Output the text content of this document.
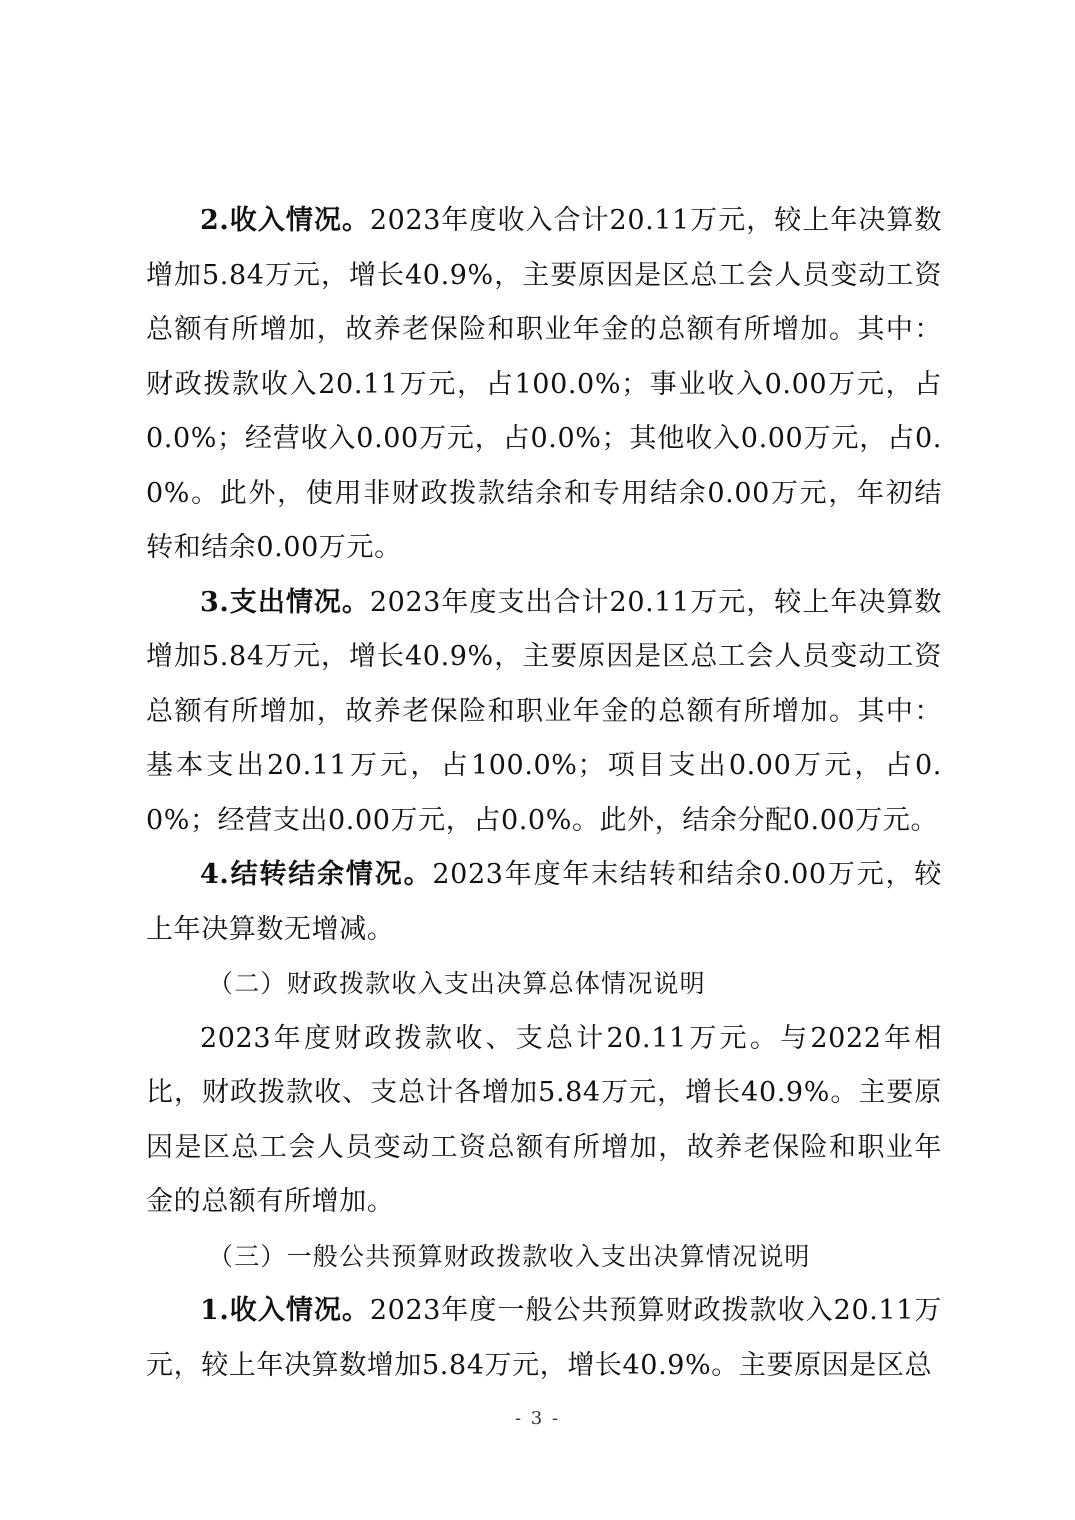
2.收入情况。2023年度收入合计20.11万元，较上年决算数增加5.84万元，增长40.9%，主要原因是区总工会人员变动工资总额有所增加，故养老保险和职业年金的总额有所增加。其中：财政拨款收入20.11万元，占100.0%；事业收入0.00万元，占0.0%；经营收入0.00万元，占0.0%；其他收入0.00万元，占0.0%。此外，使用非财政拨款结余和专用结余0.00万元，年初结转和结余0.00万元。

3.支出情况。2023年度支出合计20.11万元，较上年决算数增加5.84万元，增长40.9%，主要原因是区总工会人员变动工资总额有所增加，故养老保险和职业年金的总额有所增加。其中：基本支出20.11万元，占100.0%；项目支出0.00万元，占0.0%；经营支出0.00万元，占0.0%。此外，结余分配0.00万元。

4.结转结余情况。2023年度年末结转和结余0.00万元，较上年决算数无增减。

（二）财政拨款收入支出决算总体情况说明

2023年度财政拨款收、支总计20.11万元。与2022年相比，财政拨款收、支总计各增加5.84万元，增长40.9%。主要原因是区总工会人员变动工资总额有所增加，故养老保险和职业年金的总额有所增加。

（三）一般公共预算财政拨款收入支出决算情况说明

1.收入情况。2023年度一般公共预算财政拨款收入20.11万元，较上年决算数增加5.84万元，增长40.9%。主要原因是区总

- 3 -
